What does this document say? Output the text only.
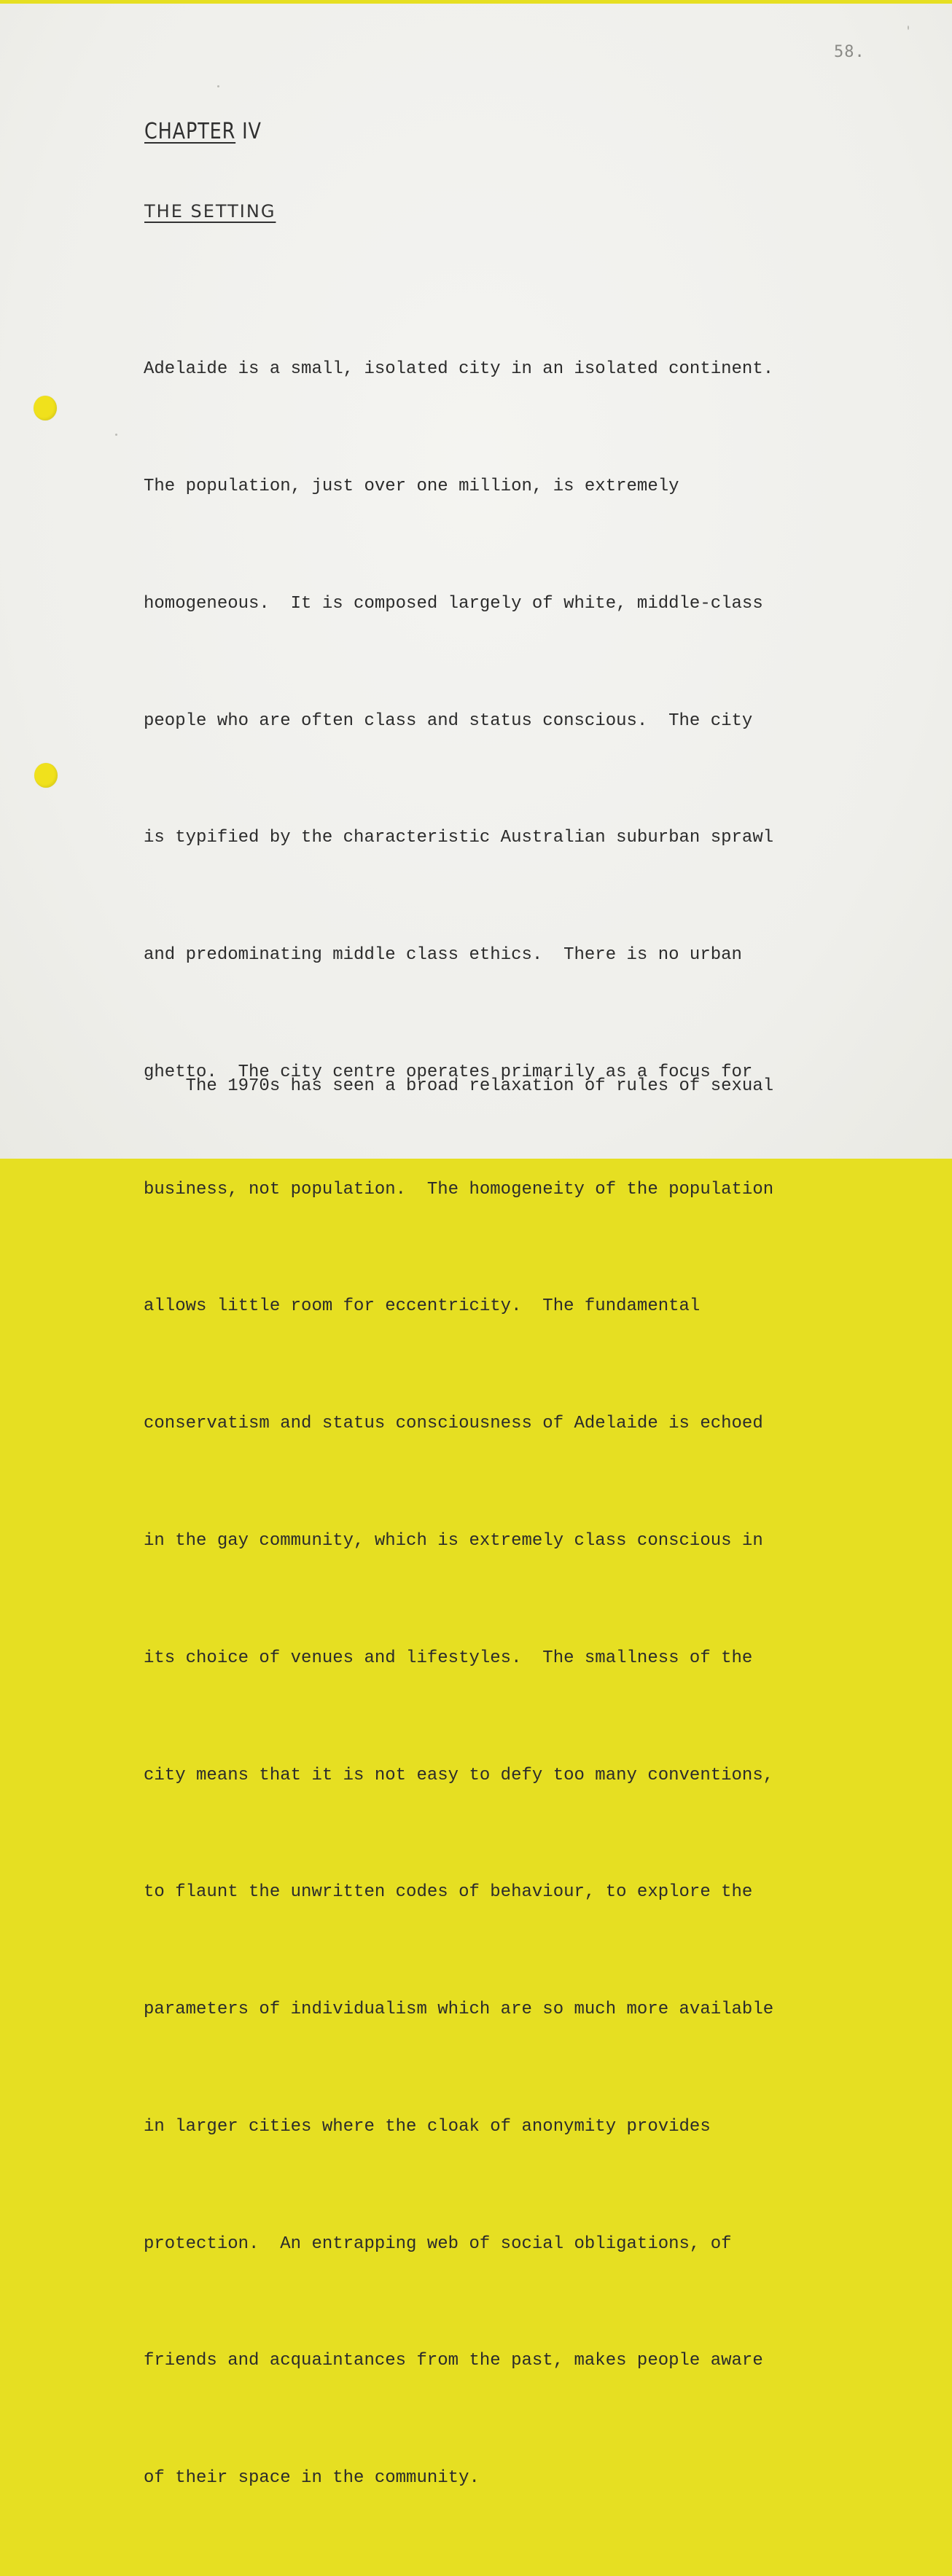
58.
CHAPTER IV
THE SETTING

Adelaide is a small, isolated city in an isolated continent.

The population, just over one million, is extremely

homogeneous.  It is composed largely of white, middle-class

people who are often class and status conscious.  The city

is typified by the characteristic Australian suburban sprawl

and predominating middle class ethics.  There is no urban

ghetto.  The city centre operates primarily as a focus for

business, not population.  The homogeneity of the population

allows little room for eccentricity.  The fundamental

conservatism and status consciousness of Adelaide is echoed

in the gay community, which is extremely class conscious in

its choice of venues and lifestyles.  The smallness of the

city means that it is not easy to defy too many conventions,

to flaunt the unwritten codes of behaviour, to explore the

parameters of individualism which are so much more available

in larger cities where the cloak of anonymity provides

protection.  An entrapping web of social obligations, of

friends and acquaintances from the past, makes people aware

of their space in the community.

The 1970s has seen a broad relaxation of rules of sexual
